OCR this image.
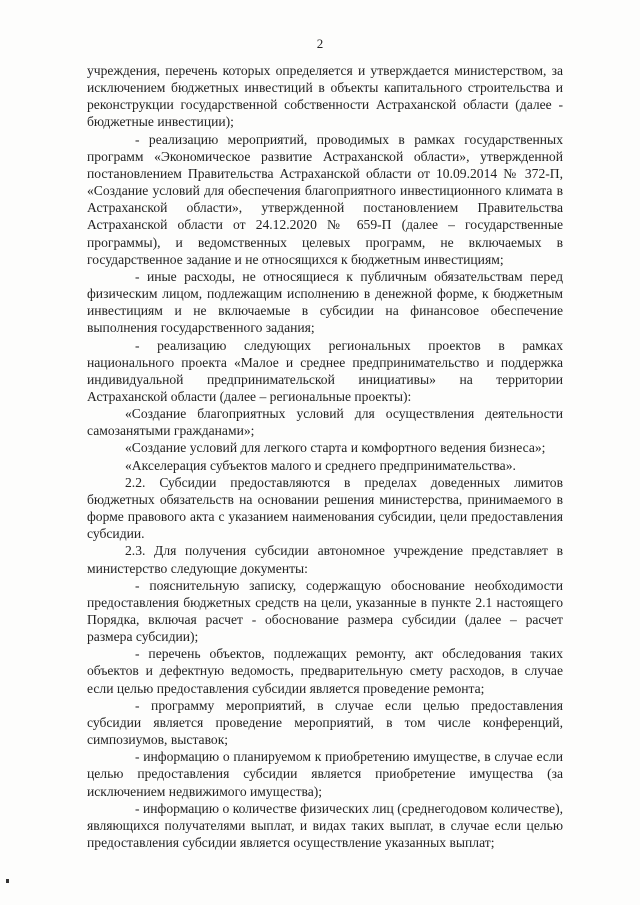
2

учреждения, перечень которых определяется и утверждается министерством, за исключением бюджетных инвестиций в объекты капитального строительства и реконструкции государственной собственности Астраханской области (далее - бюджетные инвестиции);

- реализацию мероприятий, проводимых в рамках государственных программ «Экономическое развитие Астраханской области», утвержденной постановлением Правительства Астраханской области от 10.09.2014 № 372-П, «Создание условий для обеспечения благоприятного инвестиционного климата в Астраханской области», утвержденной постановлением Правительства Астраханской области от 24.12.2020 № 659-П (далее – государственные программы), и ведомственных целевых программ, не включаемых в государственное задание и не относящихся к бюджетным инвестициям;

- иные расходы, не относящиеся к публичным обязательствам перед физическим лицом, подлежащим исполнению в денежной форме, к бюджетным инвестициям и не включаемые в субсидии на финансовое обеспечение выполнения государственного задания;

- реализацию следующих региональных проектов в рамках национального проекта «Малое и среднее предпринимательство и поддержка индивидуальной предпринимательской инициативы» на территории Астраханской области (далее – региональные проекты):

«Создание благоприятных условий для осуществления деятельности самозанятыми гражданами»;

«Создание условий для легкого старта и комфортного ведения бизнеса»;

«Акселерация субъектов малого и среднего предпринимательства».

2.2. Субсидии предоставляются в пределах доведенных лимитов бюджетных обязательств на основании решения министерства, принимаемого в форме правового акта с указанием наименования субсидии, цели предоставления субсидии.

2.3. Для получения субсидии автономное учреждение представляет в министерство следующие документы:

- пояснительную записку, содержащую обоснование необходимости предоставления бюджетных средств на цели, указанные в пункте 2.1 настоящего Порядка, включая расчет - обоснование размера субсидии (далее – расчет размера субсидии);

- перечень объектов, подлежащих ремонту, акт обследования таких объектов и дефектную ведомость, предварительную смету расходов, в случае если целью предоставления субсидии является проведение ремонта;

- программу мероприятий, в случае если целью предоставления субсидии является проведение мероприятий, в том числе конференций, симпозиумов, выставок;

- информацию о планируемом к приобретению имуществе, в случае если целью предоставления субсидии является приобретение имущества (за исключением недвижимого имущества);

- информацию о количестве физических лиц (среднегодовом количестве), являющихся получателями выплат, и видах таких выплат, в случае если целью предоставления субсидии является осуществление указанных выплат;
